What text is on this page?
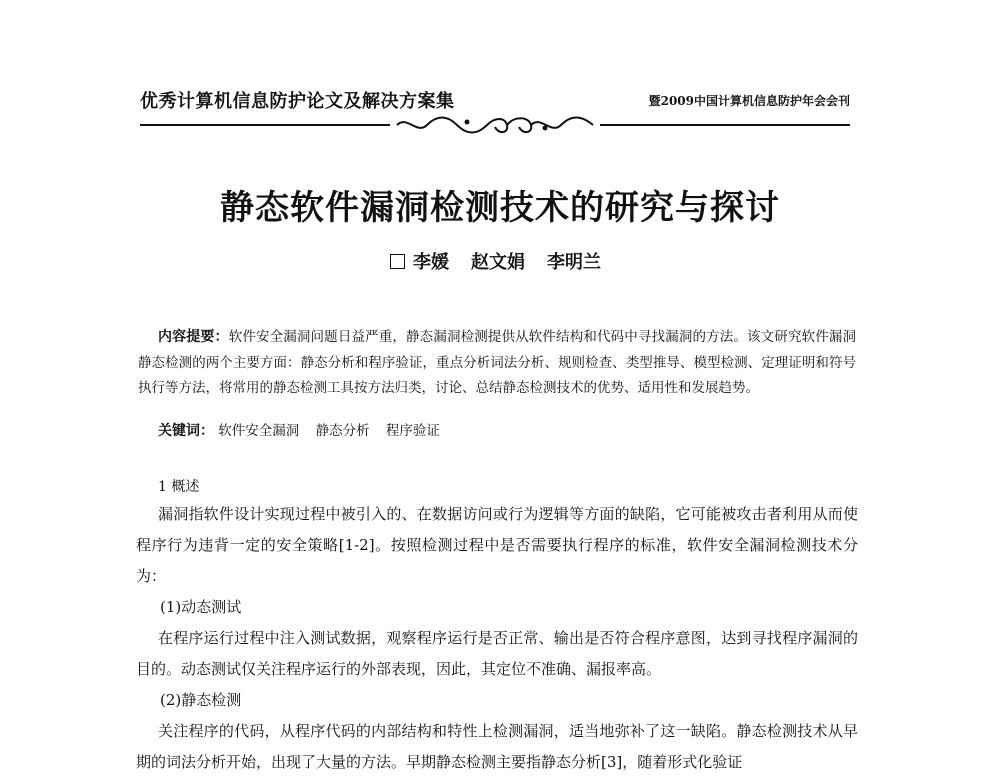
优秀计算机信息防护论文及解决方案集	暨2009中国计算机信息防护年会会刊
静态软件漏洞检测技术的研究与探讨
李媛 赵文娟 李明兰

内容提要：软件安全漏洞问题日益严重，静态漏洞检测提供从软件结构和代码中寻找漏洞的方法。该文研究软件漏洞静态检测的两个主要方面：静态分析和程序验证，重点分析词法分析、规则检查、类型推导、模型检测、定理证明和符号执行等方法，将常用的静态检测工具按方法归类，讨论、总结静态检测技术的优势、适用性和发展趋势。

关键词： 软件安全漏洞 静态分析 程序验证
1 概述

漏洞指软件设计实现过程中被引入的、在数据访问或行为逻辑等方面的缺陷，它可能被攻击者利用从而使程序行为违背一定的安全策略[1-2]。按照检测过程中是否需要执行程序的标准，软件安全漏洞检测技术分为：

(1)动态测试

在程序运行过程中注入测试数据，观察程序运行是否正常、输出是否符合程序意图，达到寻找程序漏洞的目的。动态测试仅关注程序运行的外部表现，因此，其定位不准确、漏报率高。

(2)静态检测

关注程序的代码，从程序代码的内部结构和特性上检测漏洞，适当地弥补了这一缺陷。静态检测技术从早期的词法分析开始，出现了大量的方法。早期静态检测主要指静态分析[3]，随着形式化验证
